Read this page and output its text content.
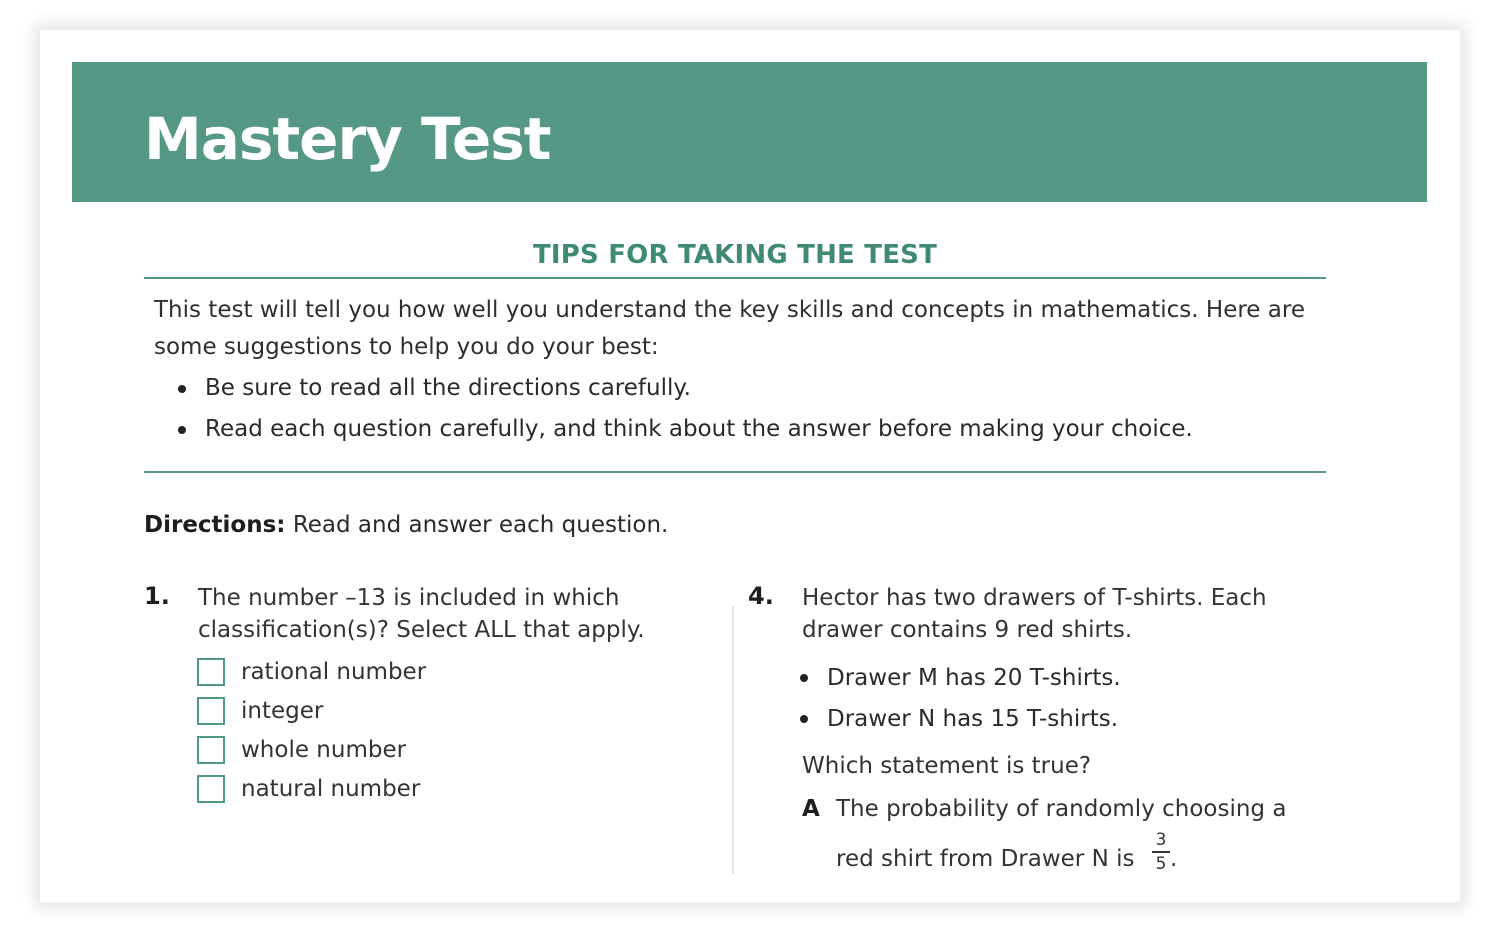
Mastery Test
TIPS FOR TAKING THE TEST
This test will tell you how well you understand the key skills and concepts in mathematics. Here are some suggestions to help you do your best:
Be sure to read all the directions carefully.
Read each question carefully, and think about the answer before making your choice.
Directions: Read and answer each question.
1. The number –13 is included in which classification(s)? Select ALL that apply.
rational number
integer
whole number
natural number
4. Hector has two drawers of T-shirts. Each drawer contains 9 red shirts.
Drawer M has 20 T-shirts.
Drawer N has 15 T-shirts.
Which statement is true?
A The probability of randomly choosing a
red shirt from Drawer N is
3
5 .
